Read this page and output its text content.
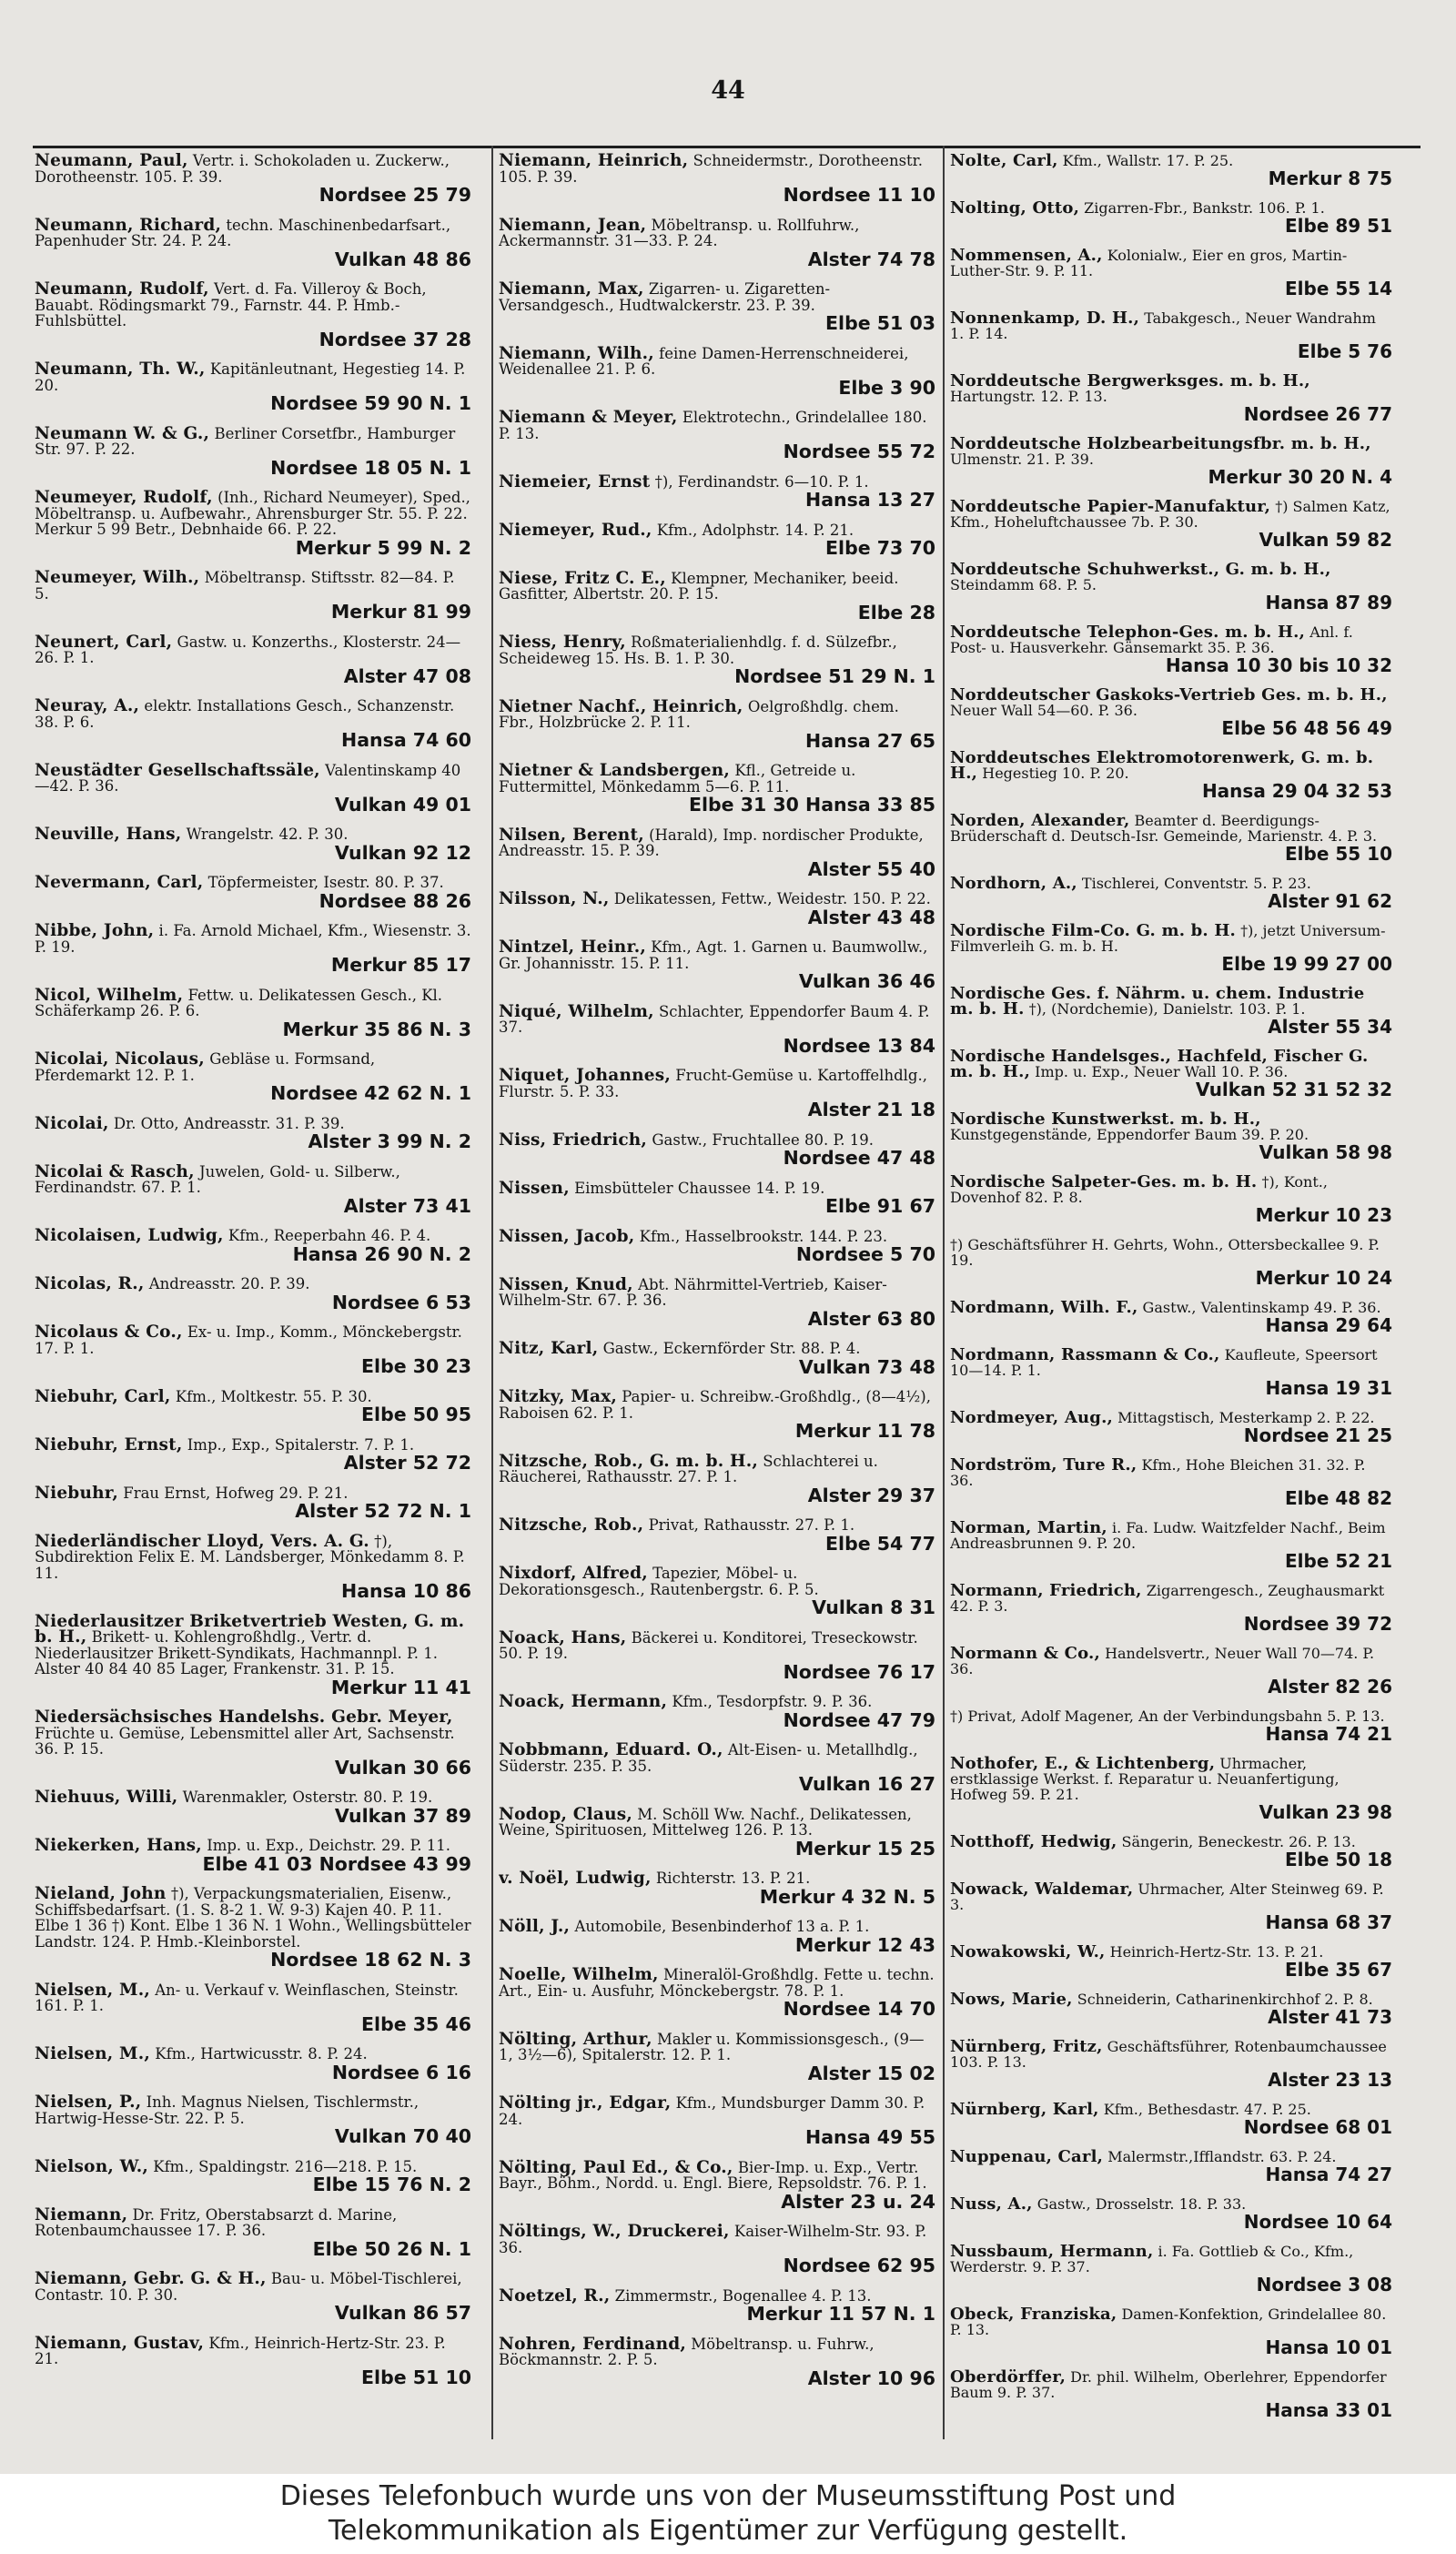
44
Neumann, Paul, Vertr. i. Schokoladen u. Zuckerw., Dorotheenstr. 105. P. 39.
Nordsee 25 79
Neumann, Richard, techn. Maschinenbedarfsart., Papenhuder Str. 24. P. 24.
Vulkan 48 86
Neumann, Rudolf, Vert. d. Fa. Villeroy & Boch, Bauabt. Rödingsmarkt 79., Farnstr. 44. P. Hmb.-Fuhlsbüttel.
Nordsee 37 28
Neumann, Th. W., Kapitänleutnant, Hegestieg 14. P. 20.
Nordsee 59 90 N. 1
Neumann W. & G., Berliner Corsetfbr., Hamburger Str. 97. P. 22.
Nordsee 18 05 N. 1
Neumeyer, Rudolf, (Inh., Richard Neumeyer), Sped., Möbeltransp. u. Aufbewahr., Ahrensburger Str. 55. P. 22. Merkur 5 99 Betr., Debnhaide 66. P. 22.
Merkur 5 99 N. 2
Neumeyer, Wilh., Möbeltransp. Stiftsstr. 82—84. P. 5.
Merkur 81 99
Neunert, Carl, Gastw. u. Konzerths., Klosterstr. 24—26. P. 1.
Alster 47 08
Neuray, A., elektr. Installations Gesch., Schanzenstr. 38. P. 6.
Hansa 74 60
Neustädter Gesellschaftssäle, Valentinskamp 40—42. P. 36.
Vulkan 49 01
Neuville, Hans, Wrangelstr. 42. P. 30.
Vulkan 92 12
Nevermann, Carl, Töpfermeister, Isestr. 80. P. 37.
Nordsee 88 26
Nibbe, John, i. Fa. Arnold Michael, Kfm., Wiesenstr. 3. P. 19.
Merkur 85 17
Nicol, Wilhelm, Fettw. u. Delikatessen Gesch., Kl. Schäferkamp 26. P. 6.
Merkur 35 86 N. 3
Nicolai, Nicolaus, Gebläse u. Formsand, Pferdemarkt 12. P. 1.
Nordsee 42 62 N. 1
Nicolai, Dr. Otto, Andreasstr. 31. P. 39.
Alster 3 99 N. 2
Nicolai & Rasch, Juwelen, Gold- u. Silberw., Ferdinandstr. 67. P. 1.
Alster 73 41
Nicolaisen, Ludwig, Kfm., Reeperbahn 46. P. 4.
Hansa 26 90 N. 2
Nicolas, R., Andreasstr. 20. P. 39.
Nordsee 6 53
Nicolaus & Co., Ex- u. Imp., Komm., Mönckebergstr. 17. P. 1.
Elbe 30 23
Niebuhr, Carl, Kfm., Moltkestr. 55. P. 30.
Elbe 50 95
Niebuhr, Ernst, Imp., Exp., Spitalerstr. 7. P. 1.
Alster 52 72
Niebuhr, Frau Ernst, Hofweg 29. P. 21.
Alster 52 72 N. 1
Niederländischer Lloyd, Vers. A. G. †), Subdirektion Felix E. M. Landsberger, Mönkedamm 8. P. 11.
Hansa 10 86
Niederlausitzer Briketvertrieb Westen, G. m. b. H., Brikett- u. Kohlengroßhdlg., Vertr. d. Niederlausitzer Brikett-Syndikats, Hachmannpl. P. 1. Alster 40 84 40 85 Lager, Frankenstr. 31. P. 15.
Merkur 11 41
Niedersächsisches Handelshs. Gebr. Meyer, Früchte u. Gemüse, Lebensmittel aller Art, Sachsenstr. 36. P. 15.
Vulkan 30 66
Niehuus, Willi, Warenmakler, Osterstr. 80. P. 19.
Vulkan 37 89
Niekerken, Hans, Imp. u. Exp., Deichstr. 29. P. 11.
Elbe 41 03 Nordsee 43 99
Nieland, John †), Verpackungsmaterialien, Eisenw., Schiffsbedarfsart. (1. S. 8-2 1. W. 9-3) Kajen 40. P. 11. Elbe 1 36 †) Kont. Elbe 1 36 N. 1 Wohn., Wellingsbütteler Landstr. 124. P. Hmb.-Kleinborstel.
Nordsee 18 62 N. 3
Nielsen, M., An- u. Verkauf v. Weinflaschen, Steinstr. 161. P. 1.
Elbe 35 46
Nielsen, M., Kfm., Hartwicusstr. 8. P. 24.
Nordsee 6 16
Nielsen, P., Inh. Magnus Nielsen, Tischlermstr., Hartwig-Hesse-Str. 22. P. 5.
Vulkan 70 40
Nielson, W., Kfm., Spaldingstr. 216—218. P. 15.
Elbe 15 76 N. 2
Niemann, Dr. Fritz, Oberstabsarzt d. Marine, Rotenbaumchaussee 17. P. 36.
Elbe 50 26 N. 1
Niemann, Gebr. G. & H., Bau- u. Möbel-Tischlerei, Contastr. 10. P. 30.
Vulkan 86 57
Niemann, Gustav, Kfm., Heinrich-Hertz-Str. 23. P. 21.
Elbe 51 10
Niemann, Heinrich, Schneidermstr., Dorotheenstr. 105. P. 39.
Nordsee 11 10
Niemann, Jean, Möbeltransp. u. Rollfuhrw., Ackermannstr. 31—33. P. 24.
Alster 74 78
Niemann, Max, Zigarren- u. Zigaretten-Versandgesch., Hudtwalckerstr. 23. P. 39.
Elbe 51 03
Niemann, Wilh., feine Damen-Herrenschneiderei, Weidenallee 21. P. 6.
Elbe 3 90
Niemann & Meyer, Elektrotechn., Grindelallee 180. P. 13.
Nordsee 55 72
Niemeier, Ernst †), Ferdinandstr. 6—10. P. 1.
Hansa 13 27
Niemeyer, Rud., Kfm., Adolphstr. 14. P. 21.
Elbe 73 70
Niese, Fritz C. E., Klempner, Mechaniker, beeid. Gasfitter, Albertstr. 20. P. 15.
Elbe 28
Niess, Henry, Roßmaterialienhdlg. f. d. Sülzefbr., Scheideweg 15. Hs. B. 1. P. 30.
Nordsee 51 29 N. 1
Nietner Nachf., Heinrich, Oelgroßhdlg. chem. Fbr., Holzbrücke 2. P. 11.
Hansa 27 65
Nietner & Landsbergen, Kfl., Getreide u. Futtermittel, Mönkedamm 5—6. P. 11.
Elbe 31 30 Hansa 33 85
Nilsen, Berent, (Harald), Imp. nordischer Produkte, Andreasstr. 15. P. 39.
Alster 55 40
Nilsson, N., Delikatessen, Fettw., Weidestr. 150. P. 22.
Alster 43 48
Nintzel, Heinr., Kfm., Agt. 1. Garnen u. Baumwollw., Gr. Johannisstr. 15. P. 11.
Vulkan 36 46
Niqué, Wilhelm, Schlachter, Eppendorfer Baum 4. P. 37.
Nordsee 13 84
Niquet, Johannes, Frucht-Gemüse u. Kartoffelhdlg., Flurstr. 5. P. 33.
Alster 21 18
Niss, Friedrich, Gastw., Fruchtallee 80. P. 19.
Nordsee 47 48
Nissen, Eimsbütteler Chaussee 14. P. 19.
Elbe 91 67
Nissen, Jacob, Kfm., Hasselbrookstr. 144. P. 23.
Nordsee 5 70
Nissen, Knud, Abt. Nährmittel-Vertrieb, Kaiser-Wilhelm-Str. 67. P. 36.
Alster 63 80
Nitz, Karl, Gastw., Eckernförder Str. 88. P. 4.
Vulkan 73 48
Nitzky, Max, Papier- u. Schreibw.-Großhdlg., (8—4½), Raboisen 62. P. 1.
Merkur 11 78
Nitzsche, Rob., G. m. b. H., Schlachterei u. Räucherei, Rathausstr. 27. P. 1.
Alster 29 37
Nitzsche, Rob., Privat, Rathausstr. 27. P. 1.
Elbe 54 77
Nixdorf, Alfred, Tapezier, Möbel- u. Dekorationsgesch., Rautenbergstr. 6. P. 5.
Vulkan 8 31
Noack, Hans, Bäckerei u. Konditorei, Treseckowstr. 50. P. 19.
Nordsee 76 17
Noack, Hermann, Kfm., Tesdorpfstr. 9. P. 36.
Nordsee 47 79
Nobbmann, Eduard. O., Alt-Eisen- u. Metallhdlg., Süderstr. 235. P. 35.
Vulkan 16 27
Nodop, Claus, M. Schöll Ww. Nachf., Delikatessen, Weine, Spirituosen, Mittelweg 126. P. 13.
Merkur 15 25
v. Noël, Ludwig, Richterstr. 13. P. 21.
Merkur 4 32 N. 5
Nöll, J., Automobile, Besenbinderhof 13 a. P. 1.
Merkur 12 43
Noelle, Wilhelm, Mineralöl-Großhdlg. Fette u. techn. Art., Ein- u. Ausfuhr, Mönckebergstr. 78. P. 1.
Nordsee 14 70
Nölting, Arthur, Makler u. Kommissionsgesch., (9—1, 3½—6), Spitalerstr. 12. P. 1.
Alster 15 02
Nölting jr., Edgar, Kfm., Mundsburger Damm 30. P. 24.
Hansa 49 55
Nölting, Paul Ed., & Co., Bier-Imp. u. Exp., Vertr. Bayr., Böhm., Nordd. u. Engl. Biere, Repsoldstr. 76. P. 1.
Alster 23 u. 24
Nöltings, W., Druckerei, Kaiser-Wilhelm-Str. 93. P. 36.
Nordsee 62 95
Noetzel, R., Zimmermstr., Bogenallee 4. P. 13.
Merkur 11 57 N. 1
Nohren, Ferdinand, Möbeltransp. u. Fuhrw., Böckmannstr. 2. P. 5.
Alster 10 96
Nolte, Carl, Kfm., Wallstr. 17. P. 25.
Merkur 8 75
Nolting, Otto, Zigarren-Fbr., Bankstr. 106. P. 1.
Elbe 89 51
Nommensen, A., Kolonialw., Eier en gros, Martin-Luther-Str. 9. P. 11.
Elbe 55 14
Nonnenkamp, D. H., Tabakgesch., Neuer Wandrahm 1. P. 14.
Elbe 5 76
Norddeutsche Bergwerksges. m. b. H., Hartungstr. 12. P. 13.
Nordsee 26 77
Norddeutsche Holzbearbeitungsfbr. m. b. H., Ulmenstr. 21. P. 39.
Merkur 30 20 N. 4
Norddeutsche Papier-Manufaktur, †) Salmen Katz, Kfm., Hoheluftchaussee 7b. P. 30.
Vulkan 59 82
Norddeutsche Schuhwerkst., G. m. b. H., Steindamm 68. P. 5.
Hansa 87 89
Norddeutsche Telephon-Ges. m. b. H., Anl. f. Post- u. Hausverkehr. Gänsemarkt 35. P. 36.
Hansa 10 30 bis 10 32
Norddeutscher Gaskoks-Vertrieb Ges. m. b. H., Neuer Wall 54—60. P. 36.
Elbe 56 48 56 49
Norddeutsches Elektromotorenwerk, G. m. b. H., Hegestieg 10. P. 20.
Hansa 29 04 32 53
Norden, Alexander, Beamter d. Beerdigungs-Brüderschaft d. Deutsch-Isr. Gemeinde, Marienstr. 4. P. 3.
Elbe 55 10
Nordhorn, A., Tischlerei, Conventstr. 5. P. 23.
Alster 91 62
Nordische Film-Co. G. m. b. H. †), jetzt Universum-Filmverleih G. m. b. H.
Elbe 19 99 27 00
Nordische Ges. f. Nährm. u. chem. Industrie m. b. H. †), (Nordchemie), Danielstr. 103. P. 1.
Alster 55 34
Nordische Handelsges., Hachfeld, Fischer G. m. b. H., Imp. u. Exp., Neuer Wall 10. P. 36.
Vulkan 52 31 52 32
Nordische Kunstwerkst. m. b. H., Kunstgegenstände, Eppendorfer Baum 39. P. 20.
Vulkan 58 98
Nordische Salpeter-Ges. m. b. H. †), Kont., Dovenhof 82. P. 8.
Merkur 10 23
†) Geschäftsführer H. Gehrts, Wohn., Ottersbeckallee 9. P. 19.
Merkur 10 24
Nordmann, Wilh. F., Gastw., Valentinskamp 49. P. 36.
Hansa 29 64
Nordmann, Rassmann & Co., Kaufleute, Speersort 10—14. P. 1.
Hansa 19 31
Nordmeyer, Aug., Mittagstisch, Mesterkamp 2. P. 22.
Nordsee 21 25
Nordström, Ture R., Kfm., Hohe Bleichen 31. 32. P. 36.
Elbe 48 82
Norman, Martin, i. Fa. Ludw. Waitzfelder Nachf., Beim Andreasbrunnen 9. P. 20.
Elbe 52 21
Normann, Friedrich, Zigarrengesch., Zeughausmarkt 42. P. 3.
Nordsee 39 72
Normann & Co., Handelsvertr., Neuer Wall 70—74. P. 36.
Alster 82 26
†) Privat, Adolf Magener, An der Verbindungsbahn 5. P. 13.
Hansa 74 21
Nothofer, E., & Lichtenberg, Uhrmacher, erstklassige Werkst. f. Reparatur u. Neuanfertigung, Hofweg 59. P. 21.
Vulkan 23 98
Notthoff, Hedwig, Sängerin, Beneckestr. 26. P. 13.
Elbe 50 18
Nowack, Waldemar, Uhrmacher, Alter Steinweg 69. P. 3.
Hansa 68 37
Nowakowski, W., Heinrich-Hertz-Str. 13. P. 21.
Elbe 35 67
Nows, Marie, Schneiderin, Catharinenkirchhof 2. P. 8.
Alster 41 73
Nürnberg, Fritz, Geschäftsführer, Rotenbaumchaussee 103. P. 13.
Alster 23 13
Nürnberg, Karl, Kfm., Bethesdastr. 47. P. 25.
Nordsee 68 01
Nuppenau, Carl, Malermstr.,Ifflandstr. 63. P. 24.
Hansa 74 27
Nuss, A., Gastw., Drosselstr. 18. P. 33.
Nordsee 10 64
Nussbaum, Hermann, i. Fa. Gottlieb & Co., Kfm., Werderstr. 9. P. 37.
Nordsee 3 08
Obeck, Franziska, Damen-Konfektion, Grindelallee 80. P. 13.
Hansa 10 01
Oberdörffer, Dr. phil. Wilhelm, Oberlehrer, Eppendorfer Baum 9. P. 37.
Hansa 33 01
Dieses Telefonbuch wurde uns von der Museumsstiftung Post und
Telekommunikation als Eigentümer zur Verfügung gestellt.
